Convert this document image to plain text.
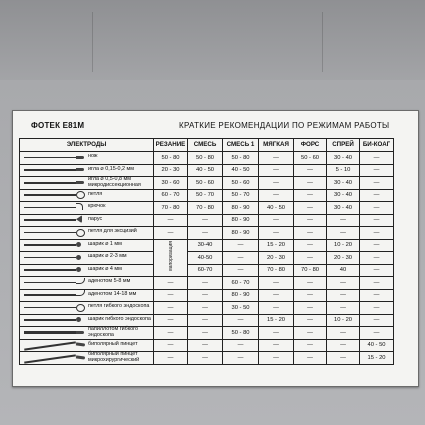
ФОТЕК Е81М	КРАТКИЕ РЕКОМЕНДАЦИИ ПО РЕЖИМАМ РАБОТЫ
ЭЛЕКТРОДЫ	РЕЗАНИЕ	СМЕСЬ	СМЕСЬ 1	МЯГКАЯ	ФОРС	СПРЕЙ	БИ-КОАГ

нож	50 - 80	50 - 80	50 - 80	—	50 - 60	30 - 40	—

игла ⌀ 0,15-0,2 мм	20 - 30	40 - 50	40 - 50	—	—	5 - 10	—

игла ⌀ 0,5-0,8 мм микродиссекционная	30 - 60	50 - 60	50 - 60	—	—	30 - 40	—

петля	60 - 70	50 - 70	50 - 70	—	—	30 - 40	—

крючок	70 - 80	70 - 80	80 - 90	40 - 50	—	30 - 40	—

парус	—	—	80 - 90	—	—	—	—

петля для эксцизий	—	—	80 - 90	—	—	—	—

шарик ⌀ 1 мм	вапоризация	30-40	—	15 - 20	—	10 - 20	—

шарик ⌀ 2-3 мм		40-50	—	20 - 30	—	20 - 30	—

шарик ⌀ 4 мм		60-70	—	70 - 80	70 - 80	40	—

аденотом 5-8 мм	—	—	60 - 70	—	—	—	—

аденотом 14-18 мм	—	—	80 - 90	—	—	—	—

петля гибкого эндоскопа	—	—	30 - 50	—	—	—	—

шарик гибкого эндоскопа	—	—	—	15 - 20	—	10 - 20	—

папиллотом гибкого эндоскопа	—	—	50 - 80	—	—	—	—

биполярный пинцет	—	—	—	—	—	—	40 - 50

биполярный пинцет микрохирургический	—	—	—	—	—	—	15 - 20
